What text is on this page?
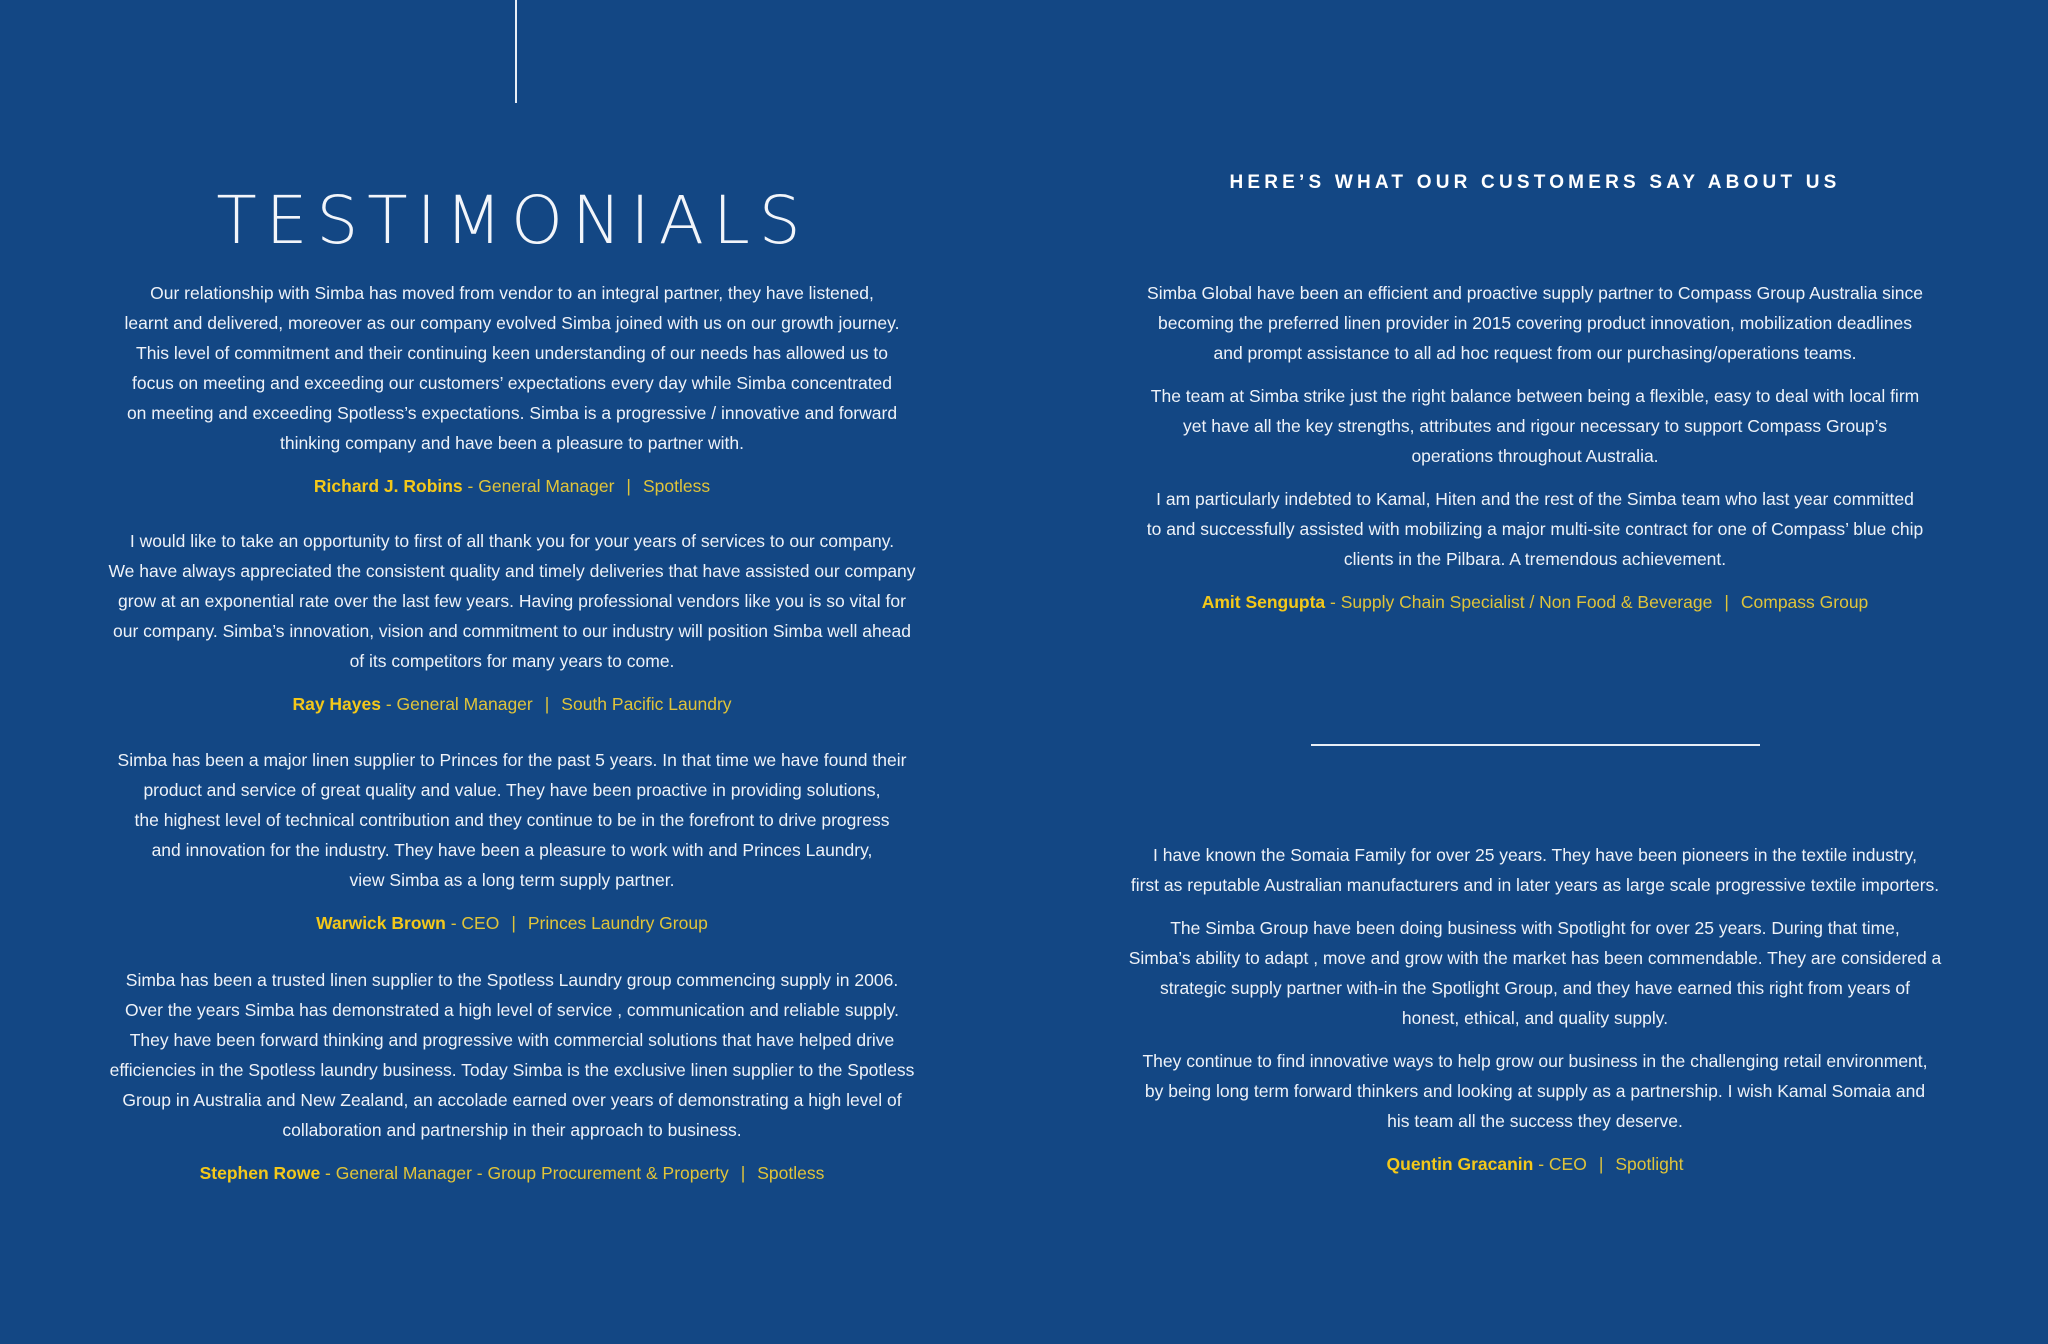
TESTIMONIALS	HERE’S WHAT OUR CUSTOMERS SAY ABOUT US
Our relationship with Simba has moved from vendor to an integral partner, they have listened,
learnt and delivered, moreover as our company evolved Simba joined with us on our growth journey.
This level of commitment and their continuing keen understanding of our needs has allowed us to
focus on meeting and exceeding our customers’ expectations every day while Simba concentrated
on meeting and exceeding Spotless’s expectations. Simba is a progressive / innovative and forward
thinking company and have been a pleasure to partner with.
Richard J. Robins - General Manager | Spotless
I would like to take an opportunity to first of all thank you for your years of services to our company.
We have always appreciated the consistent quality and timely deliveries that have assisted our company
grow at an exponential rate over the last few years. Having professional vendors like you is so vital for
our company. Simba’s innovation, vision and commitment to our industry will position Simba well ahead
of its competitors for many years to come.
Ray Hayes - General Manager | South Pacific Laundry
Simba has been a major linen supplier to Princes for the past 5 years. In that time we have found their
product and service of great quality and value. They have been proactive in providing solutions,
the highest level of technical contribution and they continue to be in the forefront to drive progress
and innovation for the industry. They have been a pleasure to work with and Princes Laundry,
view Simba as a long term supply partner.
Warwick Brown - CEO | Princes Laundry Group
Simba has been a trusted linen supplier to the Spotless Laundry group commencing supply in 2006.
Over the years Simba has demonstrated a high level of service , communication and reliable supply.
They have been forward thinking and progressive with commercial solutions that have helped drive
efficiencies in the Spotless laundry business. Today Simba is the exclusive linen supplier to the Spotless
Group in Australia and New Zealand, an accolade earned over years of demonstrating a high level of
collaboration and partnership in their approach to business.
Stephen Rowe - General Manager - Group Procurement & Property | Spotless
Simba Global have been an efficient and proactive supply partner to Compass Group Australia since
becoming the preferred linen provider in 2015 covering product innovation, mobilization deadlines
and prompt assistance to all ad hoc request from our purchasing/operations teams.
The team at Simba strike just the right balance between being a flexible, easy to deal with local firm
yet have all the key strengths, attributes and rigour necessary to support Compass Group’s
operations throughout Australia.
I am particularly indebted to Kamal, Hiten and the rest of the Simba team who last year committed
to and successfully assisted with mobilizing a major multi-site contract for one of Compass’ blue chip
clients in the Pilbara. A tremendous achievement.
Amit Sengupta - Supply Chain Specialist / Non Food & Beverage | Compass Group
I have known the Somaia Family for over 25 years. They have been pioneers in the textile industry,
first as reputable Australian manufacturers and in later years as large scale progressive textile importers.
The Simba Group have been doing business with Spotlight for over 25 years. During that time,
Simba’s ability to adapt , move and grow with the market has been commendable. They are considered a
strategic supply partner with-in the Spotlight Group, and they have earned this right from years of
honest, ethical, and quality supply.
They continue to find innovative ways to help grow our business in the challenging retail environment,
by being long term forward thinkers and looking at supply as a partnership. I wish Kamal Somaia and
his team all the success they deserve.
Quentin Gracanin - CEO | Spotlight
